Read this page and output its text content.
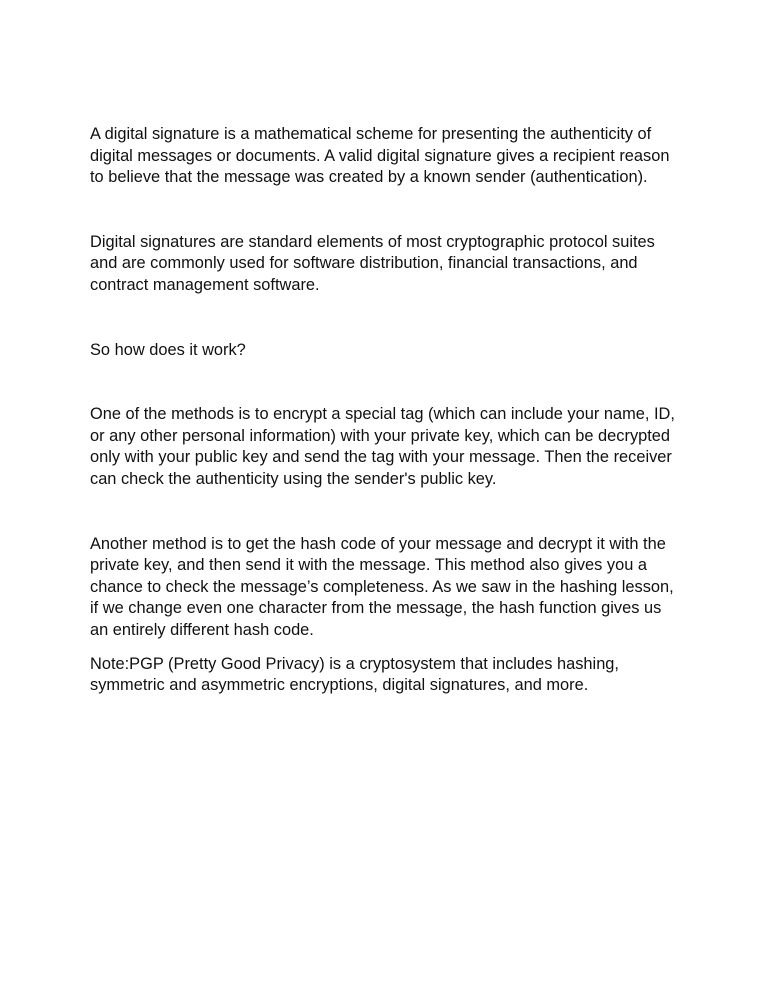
A digital signature is a mathematical scheme for presenting the authenticity of digital messages or documents. A valid digital signature gives a recipient reason to believe that the message was created by a known sender (authentication).

Digital signatures are standard elements of most cryptographic protocol suites and are commonly used for software distribution, financial transactions, and contract management software.

So how does it work?

One of the methods is to encrypt a special tag (which can include your name, ID, or any other personal information) with your private key, which can be decrypted only with your public key and send the tag with your message. Then the receiver can check the authenticity using the sender's public key.

Another method is to get the hash code of your message and decrypt it with the private key, and then send it with the message. This method also gives you a chance to check the message’s completeness. As we saw in the hashing lesson, if we change even one character from the message, the hash function gives us an entirely different hash code.

Note:PGP (Pretty Good Privacy) is a cryptosystem that includes hashing, symmetric and asymmetric encryptions, digital signatures, and more.
